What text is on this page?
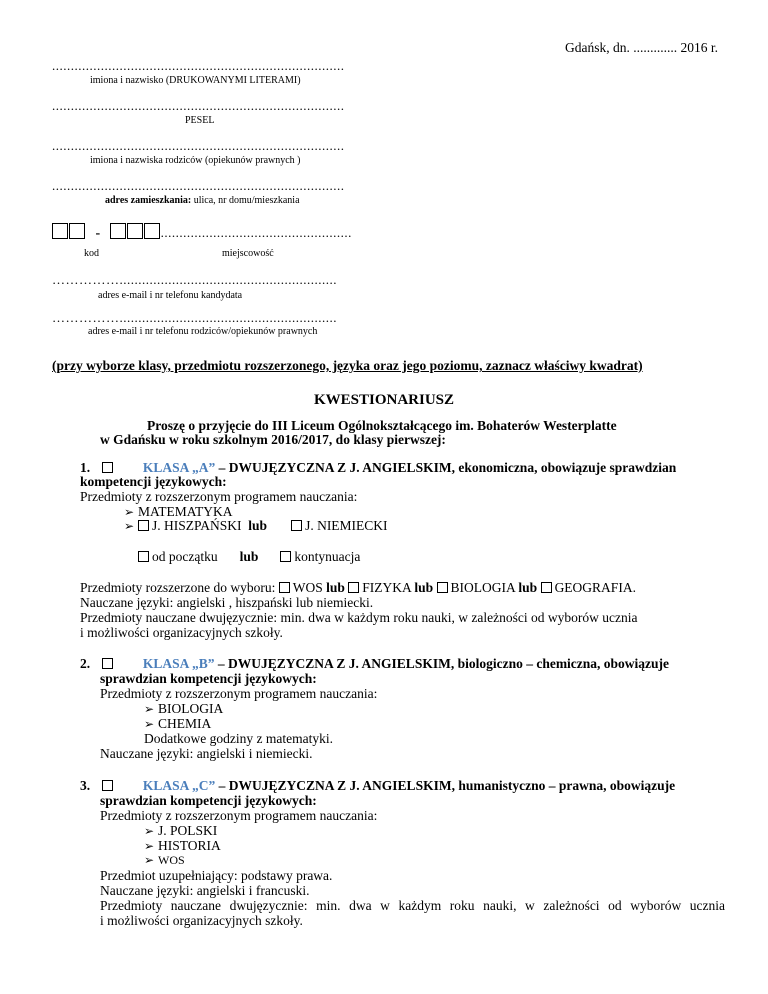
Gdańsk, dn. ............. 2016 r.
..............................................................................
imiona i nazwisko (DRUKOWANYMI LITERAMI)
..............................................................................
PESEL
..............................................................................
imiona i nazwiska rodziców (opiekunów prawnych )
..............................................................................
adres zamieszkania: ulica, nr domu/mieszkania
-	...................................................
kod	miejscowość
……………..........................................................
adres e-mail i nr telefonu kandydata
……………..........................................................
adres e-mail i nr telefonu rodziców/opiekunów prawnych
(przy wyborze klasy, przedmiotu rozszerzonego, języka oraz jego poziomu, zaznacz właściwy kwadrat)
KWESTIONARIUSZ
Proszę o przyjęcie do III Liceum Ogólnokształcącego im. Bohaterów Westerplatte
w Gdańsku w roku szkolnym 2016/2017, do klasy pierwszej:
1.	KLASA „A” – DWUJĘZYCZNA Z J. ANGIELSKIM, ekonomiczna, obowiązuje sprawdzian
kompetencji językowych:
Przedmioty z rozszerzonym programem nauczania:
➢ MATEMATYKA
➢ J. HISZPAŃSKI lub	J. NIEMIECKI
od początku lub	kontynuacja
Przedmioty rozszerzone do wyboru: WOS lub FIZYKA lub BIOLOGIA lub GEOGRAFIA.
Nauczane języki: angielski , hiszpański lub niemiecki.
Przedmioty nauczane dwujęzycznie: min. dwa w każdym roku nauki, w zależności od wyborów ucznia
i możliwości organizacyjnych szkoły.
2.	KLASA „B” – DWUJĘZYCZNA Z J. ANGIELSKIM, biologiczno – chemiczna, obowiązuje
sprawdzian kompetencji językowych:
Przedmioty z rozszerzonym programem nauczania:
➢ BIOLOGIA
➢ CHEMIA
Dodatkowe godziny z matematyki.
Nauczane języki: angielski i niemiecki.
3.	KLASA „C” – DWUJĘZYCZNA Z J. ANGIELSKIM, humanistyczno – prawna, obowiązuje
sprawdzian kompetencji językowych:
Przedmioty z rozszerzonym programem nauczania:
➢ J. POLSKI
➢ HISTORIA
➢ WOS
Przedmiot uzupełniający: podstawy prawa.
Nauczane języki: angielski i francuski.
Przedmioty nauczane dwujęzycznie: min. dwa w każdym roku nauki, w zależności od wyborów ucznia
i możliwości organizacyjnych szkoły.
